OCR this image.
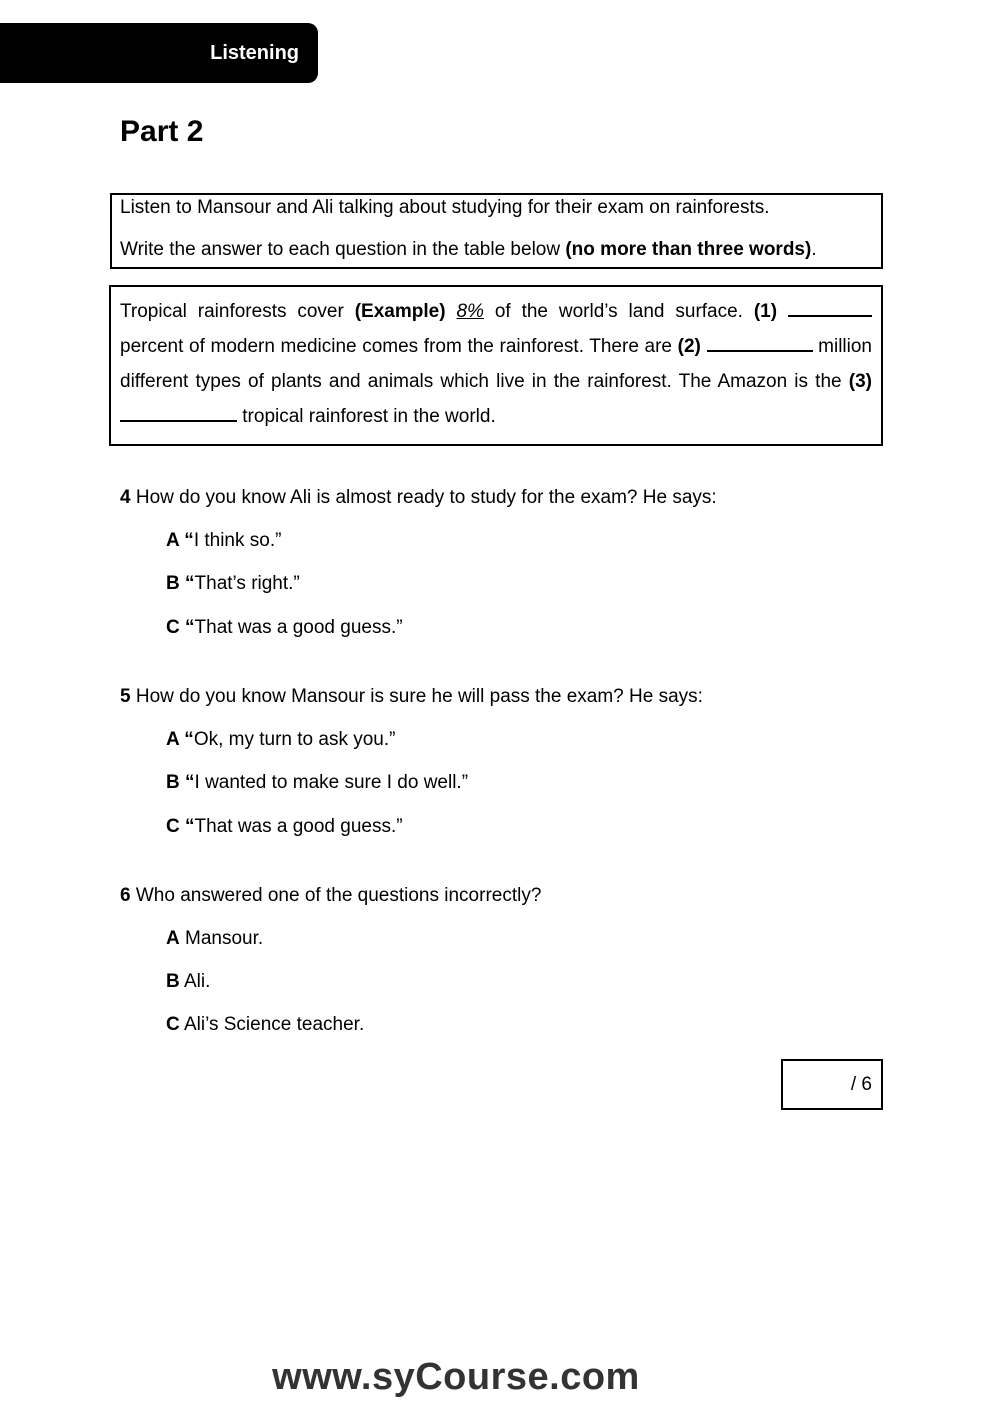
Listening
Part 2

Listen to Mansour and Ali talking about studying for their exam on rainforests.

Write the answer to each question in the table below (no more than three words).

Tropical rainforests cover (Example) 8% of the world’s land surface. (1)  percent of modern medicine comes from the rainforest. There are (2)	million different types of plants and animals which live in the rainforest. The Amazon is the (3)  tropical rainforest in the world.

4 How do you know Ali is almost ready to study for the exam? He says:

A “I think so.”

B “That’s right.”

C “That was a good guess.”

5 How do you know Mansour is sure he will pass the exam? He says:

A “Ok, my turn to ask you.”

B “I wanted to make sure I do well.”

C “That was a good guess.”

6 Who answered one of the questions incorrectly?

A Mansour.

B Ali.

C Ali’s Science teacher.

/ 6
www.syCourse.com
